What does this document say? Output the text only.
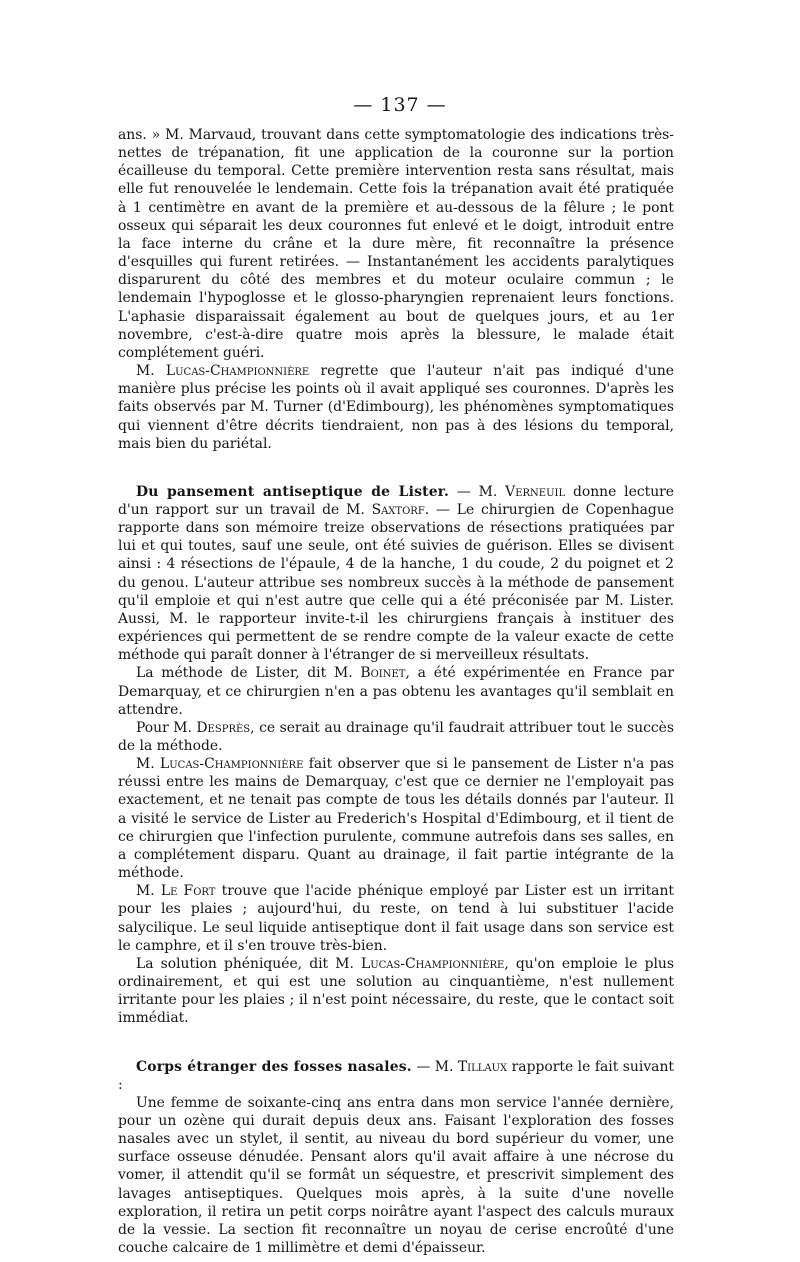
— 137 —

ans. » M. Marvaud, trouvant dans cette symptomatologie des indications très-nettes de trépanation, fit une application de la couronne sur la portion écailleuse du temporal. Cette première intervention resta sans résultat, mais elle fut renouvelée le lendemain. Cette fois la trépanation avait été pratiquée à 1 centimètre en avant de la première et au-dessous de la fêlure ; le pont osseux qui séparait les deux couronnes fut enlevé et le doigt, introduit entre la face interne du crâne et la dure mère, fit reconnaître la présence d'esquilles qui furent retirées. — Instantanément les accidents paralytiques disparurent du côté des membres et du moteur oculaire commun ; le lendemain l'hypoglosse et le glosso-pharyngien reprenaient leurs fonctions. L'aphasie disparaissait également au bout de quelques jours, et au 1er novembre, c'est-à-dire quatre mois après la blessure, le malade était complétement guéri.

M. Lucas-Championnière regrette que l'auteur n'ait pas indiqué d'une manière plus précise les points où il avait appliqué ses couronnes. D'après les faits observés par M. Turner (d'Edimbourg), les phénomènes symptomatiques qui viennent d'être décrits tiendraient, non pas à des lésions du temporal, mais bien du pariétal.

Du pansement antiseptique de Lister. — M. Verneuil donne lecture d'un rapport sur un travail de M. Saxtorf. — Le chirurgien de Copenhague rapporte dans son mémoire treize observations de résections pratiquées par lui et qui toutes, sauf une seule, ont été suivies de guérison. Elles se divisent ainsi : 4 résections de l'épaule, 4 de la hanche, 1 du coude, 2 du poignet et 2 du genou. L'auteur attribue ses nombreux succès à la méthode de pansement qu'il emploie et qui n'est autre que celle qui a été préconisée par M. Lister. Aussi, M. le rapporteur invite-t-il les chirurgiens français à instituer des expériences qui permettent de se rendre compte de la valeur exacte de cette méthode qui paraît donner à l'étranger de si merveilleux résultats.

La méthode de Lister, dit M. Boinet, a été expérimentée en France par Demarquay, et ce chirurgien n'en a pas obtenu les avantages qu'il semblait en attendre.

Pour M. Desprès, ce serait au drainage qu'il faudrait attribuer tout le succès de la méthode.

M. Lucas-Championnière fait observer que si le pansement de Lister n'a pas réussi entre les mains de Demarquay, c'est que ce dernier ne l'employait pas exactement, et ne tenait pas compte de tous les détails donnés par l'auteur. Il a visité le service de Lister au Frederich's Hospital d'Edimbourg, et il tient de ce chirurgien que l'infection purulente, commune autrefois dans ses salles, en a complétement disparu. Quant au drainage, il fait partie intégrante de la méthode.

M. Le Fort trouve que l'acide phénique employé par Lister est un irritant pour les plaies ; aujourd'hui, du reste, on tend à lui substituer l'acide salycilique. Le seul liquide antiseptique dont il fait usage dans son service est le camphre, et il s'en trouve très-bien.

La solution phéniquée, dit M. Lucas-Championnière, qu'on emploie le plus ordinairement, et qui est une solution au cinquantième, n'est nullement irritante pour les plaies ; il n'est point nécessaire, du reste, que le contact soit immédiat.

Corps étranger des fosses nasales. — M. Tillaux rapporte le fait suivant :

Une femme de soixante-cinq ans entra dans mon service l'année dernière, pour un ozène qui durait depuis deux ans. Faisant l'exploration des fosses nasales avec un stylet, il sentit, au niveau du bord supérieur du vomer, une surface osseuse dénudée. Pensant alors qu'il avait affaire à une nécrose du vomer, il attendit qu'il se formât un séquestre, et prescrivit simplement des lavages antiseptiques. Quelques mois après, à la suite d'une novelle exploration, il retira un petit corps noirâtre ayant l'aspect des calculs muraux de la vessie. La section fit reconnaître un noyau de cerise encroûté d'une couche calcaire de 1 millimètre et demi d'épaisseur.
